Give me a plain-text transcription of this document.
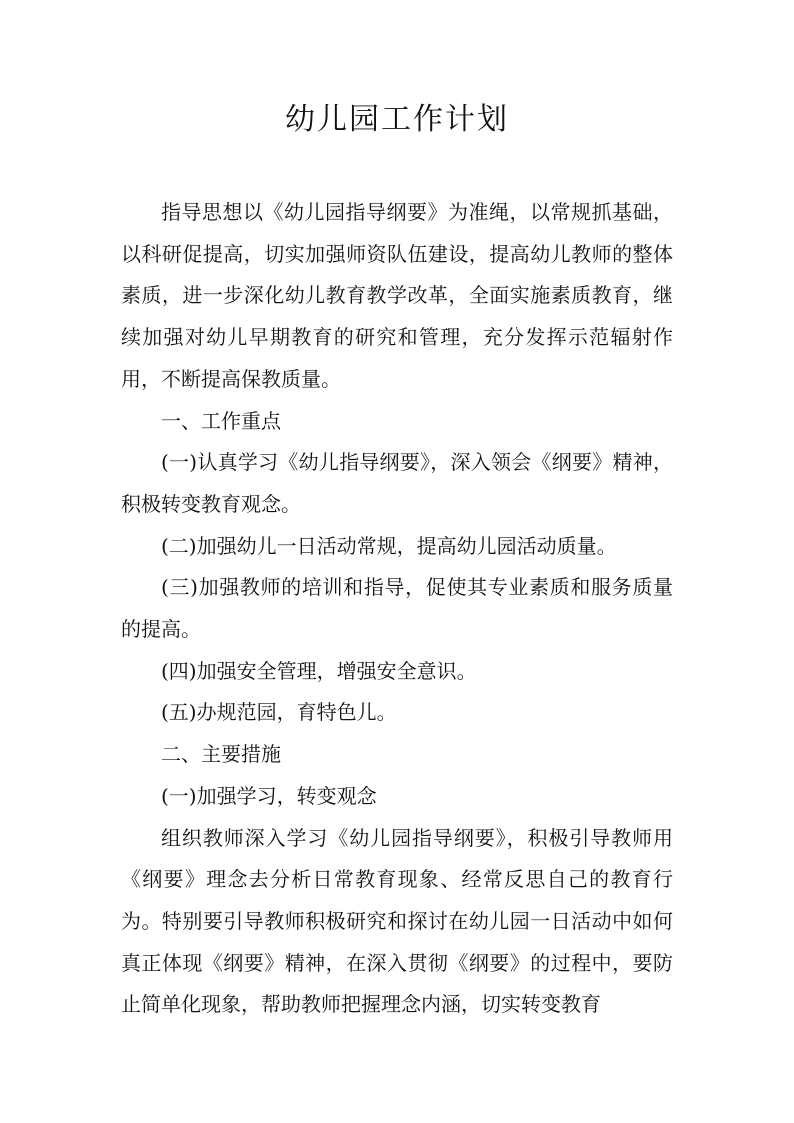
幼儿园工作计划

指导思想以《幼儿园指导纲要》为准绳，以常规抓基础，以科研促提高，切实加强师资队伍建设，提高幼儿教师的整体素质，进一步深化幼儿教育教学改革，全面实施素质教育，继续加强对幼儿早期教育的研究和管理，充分发挥示范辐射作用，不断提高保教质量。

一、工作重点

(一)认真学习《幼儿指导纲要》，深入领会《纲要》精神，积极转变教育观念。

(二)加强幼儿一日活动常规，提高幼儿园活动质量。

(三)加强教师的培训和指导，促使其专业素质和服务质量的提高。

(四)加强安全管理，增强安全意识。

(五)办规范园，育特色儿。

二、主要措施

(一)加强学习，转变观念

组织教师深入学习《幼儿园指导纲要》，积极引导教师用《纲要》理念去分析日常教育现象、经常反思自己的教育行为。特别要引导教师积极研究和探讨在幼儿园一日活动中如何真正体现《纲要》精神，在深入贯彻《纲要》的过程中，要防止简单化现象，帮助教师把握理念内涵，切实转变教育
